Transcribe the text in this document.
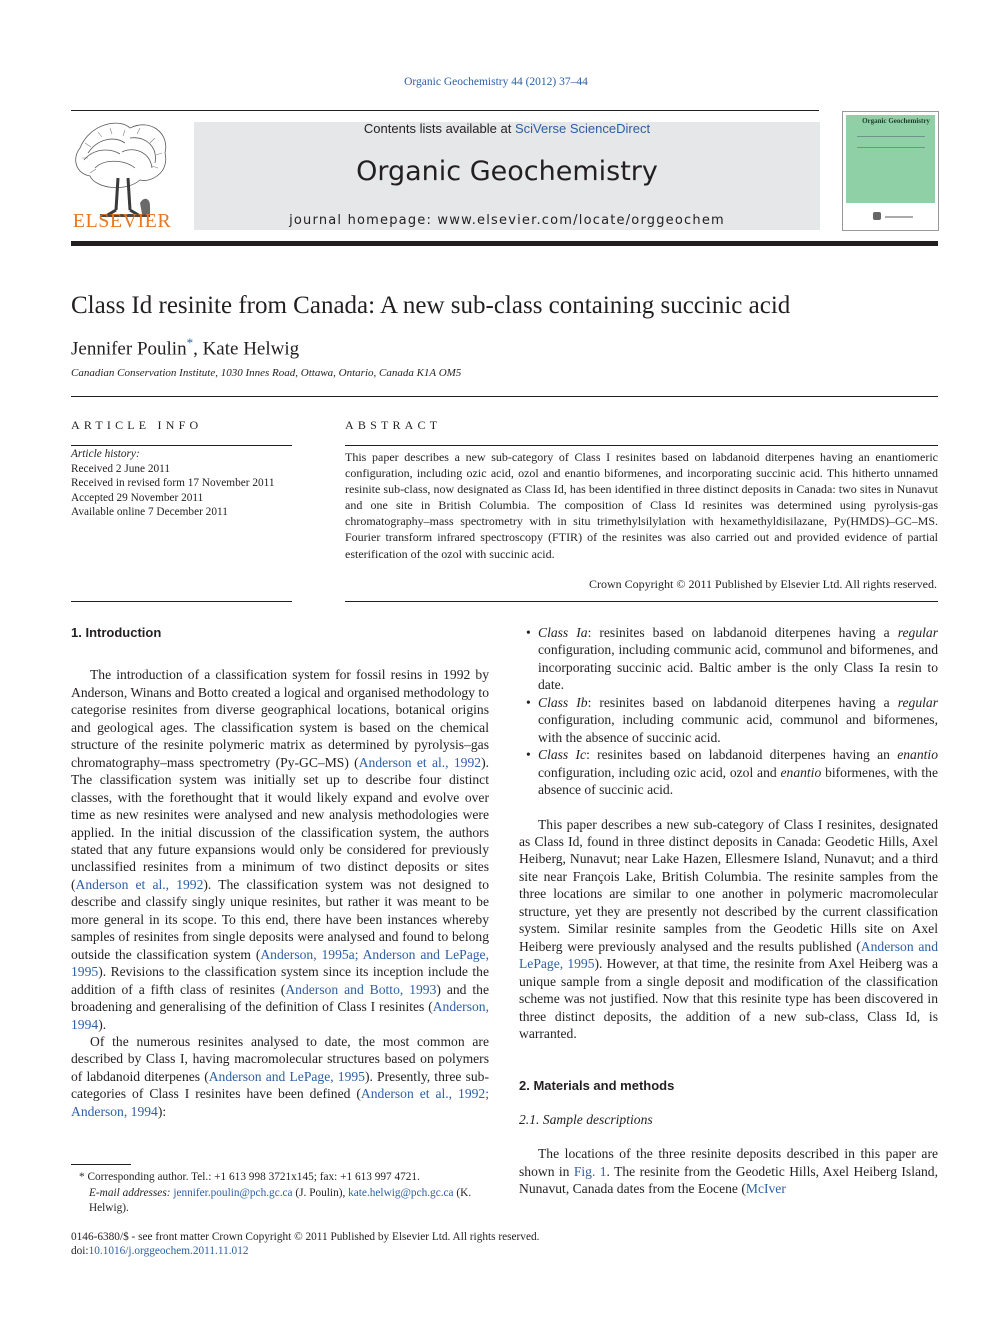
Organic Geochemistry 44 (2012) 37–44
ELSEVIER
Contents lists available at SciVerse ScienceDirect
Organic Geochemistry
journal homepage: www.elsevier.com/locate/orggeochem
Organic Geochemistry
Class Id resinite from Canada: A new sub-class containing succinic acid
Jennifer Poulin*, Kate Helwig
Canadian Conservation Institute, 1030 Innes Road, Ottawa, Ontario, Canada K1A OM5
ARTICLE INFO	ABSTRACT
Article history:
Received 2 June 2011
Received in revised form 17 November 2011
Accepted 29 November 2011
Available online 7 December 2011
This paper describes a new sub-category of Class I resinites based on labdanoid diterpenes having an enantiomeric configuration, including ozic acid, ozol and enantio biformenes, and incorporating succinic acid. This hitherto unnamed resinite sub-class, now designated as Class Id, has been identified in three distinct deposits in Canada: two sites in Nunavut and one site in British Columbia. The composition of Class Id resinites was determined using pyrolysis-gas chromatography–mass spectrometry with in situ trimethylsilylation with hexamethyldisilazane, Py(HMDS)–GC–MS. Fourier transform infrared spectroscopy (FTIR) of the resinites was also carried out and provided evidence of partial esterification of the ozol with succinic acid.
Crown Copyright © 2011 Published by Elsevier Ltd. All rights reserved.
1. Introduction

The introduction of a classification system for fossil resins in 1992 by Anderson, Winans and Botto created a logical and organised methodology to categorise resinites from diverse geographical locations, botanical origins and geological ages. The classification system is based on the chemical structure of the resinite polymeric matrix as determined by pyrolysis–gas chromatography–mass spectrometry (Py-GC–MS) (Anderson et al., 1992). The classification system was initially set up to describe four distinct classes, with the forethought that it would likely expand and evolve over time as new resinites were analysed and new analysis methodologies were applied. In the initial discussion of the classification system, the authors stated that any future expansions would only be considered for previously unclassified resinites from a minimum of two distinct deposits or sites (Anderson et al., 1992). The classification system was not designed to describe and classify singly unique resinites, but rather it was meant to be more general in its scope. To this end, there have been instances whereby samples of resinites from single deposits were analysed and found to belong outside the classification system (Anderson, 1995a; Anderson and LePage, 1995). Revisions to the classification system since its inception include the addition of a fifth class of resinites (Anderson and Botto, 1993) and the broadening and generalising of the definition of Class I resinites (Anderson, 1994).

Of the numerous resinites analysed to date, the most common are described by Class I, having macromolecular structures based on polymers of labdanoid diterpenes (Anderson and LePage, 1995). Presently, three sub-categories of Class I resinites have been defined (Anderson et al., 1992; Anderson, 1994):

• Class Ia: resinites based on labdanoid diterpenes having a regular configuration, including communic acid, communol and biformenes, and incorporating succinic acid. Baltic amber is the only Class Ia resin to date.
• Class Ib: resinites based on labdanoid diterpenes having a regular configuration, including communic acid, communol and biformenes, with the absence of succinic acid.
• Class Ic: resinites based on labdanoid diterpenes having an enantio configuration, including ozic acid, ozol and enantio biformenes, with the absence of succinic acid.

This paper describes a new sub-category of Class I resinites, designated as Class Id, found in three distinct deposits in Canada: Geodetic Hills, Axel Heiberg, Nunavut; near Lake Hazen, Ellesmere Island, Nunavut; and a third site near François Lake, British Columbia. The resinite samples from the three locations are similar to one another in polymeric macromolecular structure, yet they are presently not described by the current classification system. Similar resinite samples from the Geodetic Hills site on Axel Heiberg were previously analysed and the results published (Anderson and LePage, 1995). However, at that time, the resinite from Axel Heiberg was a unique sample from a single deposit and modification of the classification scheme was not justified. Now that this resinite type has been discovered in three distinct deposits, the addition of a new sub-class, Class Id, is warranted.

2. Materials and methods
2.1. Sample descriptions

The locations of the three resinite deposits described in this paper are shown in Fig. 1. The resinite from the Geodetic Hills, Axel Heiberg Island, Nunavut, Canada dates from the Eocene (McIver

* Corresponding author. Tel.: +1 613 998 3721x145; fax: +1 613 997 4721.
E-mail addresses: jennifer.poulin@pch.gc.ca (J. Poulin), kate.helwig@pch.gc.ca (K. Helwig).
0146-6380/$ - see front matter Crown Copyright © 2011 Published by Elsevier Ltd. All rights reserved.
doi:10.1016/j.orggeochem.2011.11.012
